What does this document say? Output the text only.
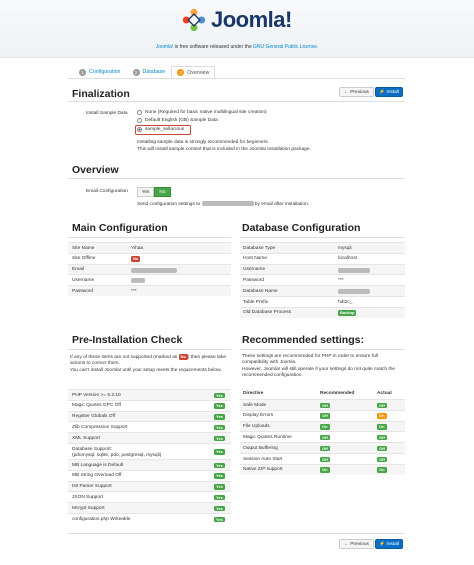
Joomla!
Joomla! is free software released under the GNU General Public License.
1 Configuration	2 Database	3 Overview
Finalization	← Previous	⚡ Install
Install Sample Data	None (Required for basic native multilingual site creation)
Default English (GB) Sample Data
sample_sellacious
Installing sample data is strongly recommended for beginners.
This will install sample content that is included in the Joomla! installation package.
Overview
Email Configuration	Yes	No
Send configuration settings to	by email after installation.
Main Configuration
Site Name	Yihaa
Site Offline	No
Email
Username
Password	***
Database Configuration
Database Type	mysqli
Host Name	localhost
Username
Password	***
Database Name
Table Prefix	hdt2c_
Old Database Process	Backup
Pre-Installation Check
If any of these items are not supported (marked as No ) then please take actions to correct them.
You can't install Joomla! until your setup meets the requirements below.
PHP Version >= 5.3.10	Yes
Magic Quotes GPC Off	Yes
Register Globals Off	Yes
Zlib Compression Support	Yes
XML Support	Yes
Database Support:
(pdomysql, sqlite, pdo, postgresql, mysqli)
Yes
MB Language is Default	Yes
MB String Overload Off	Yes
INI Parser Support	Yes
JSON Support	Yes
Mcrypt Support	Yes
configuration.php Writeable	Yes
Recommended settings:
These settings are recommended for PHP in order to ensure full compatibility with Joomla.
However, Joomla! will still operate if your settings do not quite match the recommended configuration.
Directive	Recommended	Actual
Safe Mode	Off	Off
Display Errors	Off	On
File Uploads	On	On
Magic Quotes Runtime	Off	Off
Output Buffering	Off	Off
Session Auto Start	Off	Off
Native ZIP support	On	On
← Previous	⚡ Install
